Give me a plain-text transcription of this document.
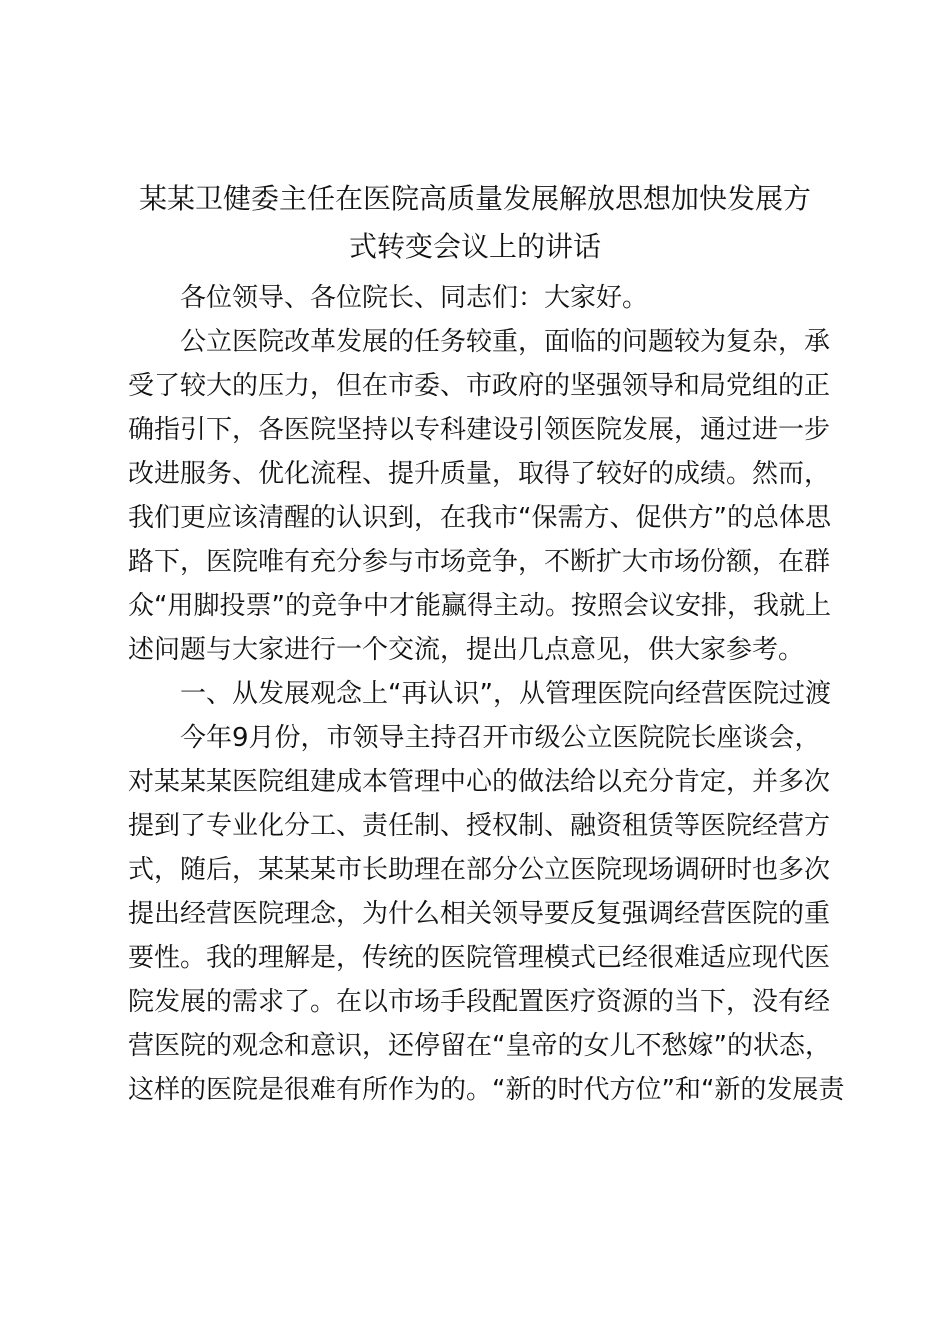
某某卫健委主任在医院高质量发展解放思想加快发展方
式转变会议上的讲话
各位领导、各位院长、同志们：大家好。
公立医院改革发展的任务较重，面临的问题较为复杂，承
受了较大的压力，但在市委、市政府的坚强领导和局党组的正
确指引下，各医院坚持以专科建设引领医院发展，通过进一步
改进服务、优化流程、提升质量，取得了较好的成绩。然而，
我们更应该清醒的认识到，在我市“保需方、促供方”的总体思
路下，医院唯有充分参与市场竞争，不断扩大市场份额，在群
众“用脚投票”的竞争中才能赢得主动。按照会议安排，我就上
述问题与大家进行一个交流，提出几点意见，供大家参考。
一、从发展观念上“再认识”，从管理医院向经营医院过渡
今年9月份，市领导主持召开市级公立医院院长座谈会，
对某某某医院组建成本管理中心的做法给以充分肯定，并多次
提到了专业化分工、责任制、授权制、融资租赁等医院经营方
式，随后，某某某市长助理在部分公立医院现场调研时也多次
提出经营医院理念，为什么相关领导要反复强调经营医院的重
要性。我的理解是，传统的医院管理模式已经很难适应现代医
院发展的需求了。在以市场手段配置医疗资源的当下，没有经
营医院的观念和意识，还停留在“皇帝的女儿不愁嫁”的状态，
这样的医院是很难有所作为的。“新的时代方位”和“新的发展责
